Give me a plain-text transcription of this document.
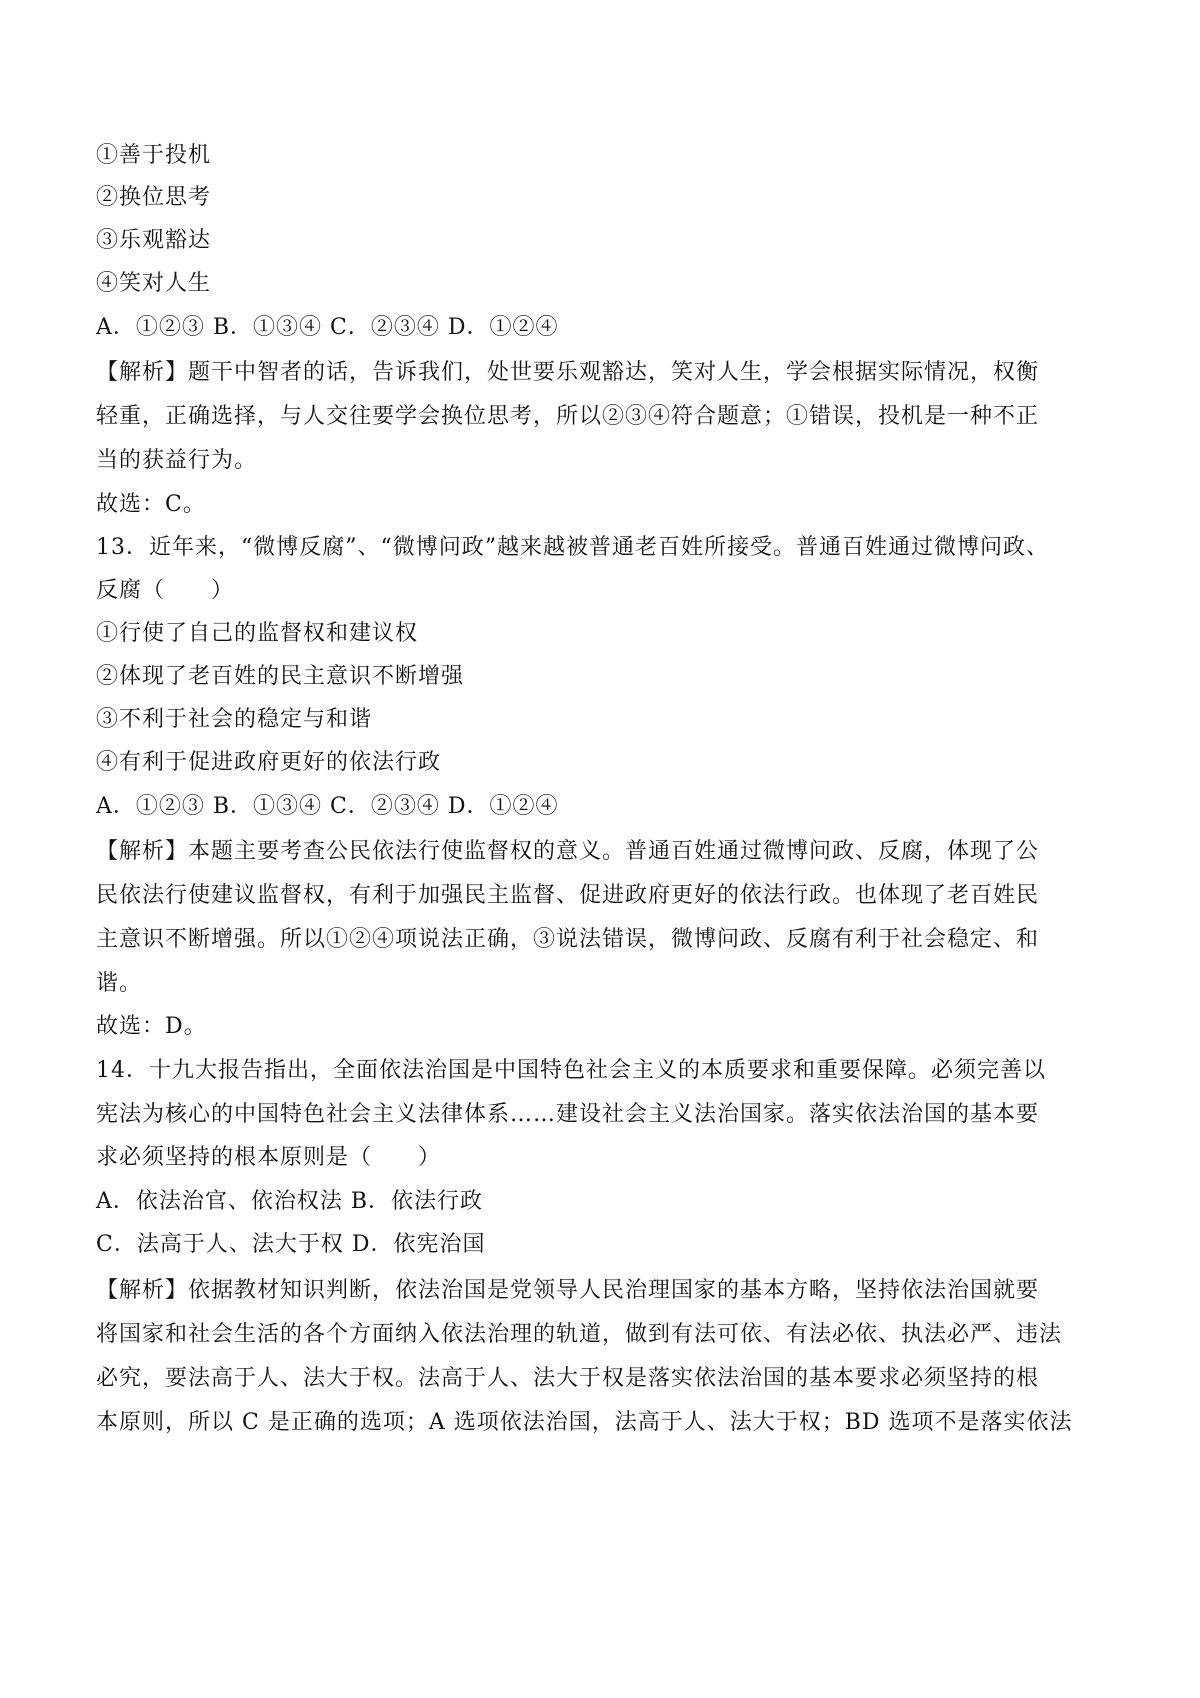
①善于投机
②换位思考
③乐观豁达
④笑对人生
A．①②③ B．①③④ C．②③④ D．①②④
【解析】题干中智者的话，告诉我们，处世要乐观豁达，笑对人生，学会根据实际情况，权衡
轻重，正确选择，与人交往要学会换位思考，所以②③④符合题意；①错误，投机是一种不正
当的获益行为。
故选：C。
13．近年来，“微博反腐”、“微博问政”越来越被普通老百姓所接受。普通百姓通过微博问政、
反腐（　　）
①行使了自己的监督权和建议权
②体现了老百姓的民主意识不断增强
③不利于社会的稳定与和谐
④有利于促进政府更好的依法行政
A．①②③ B．①③④ C．②③④ D．①②④
【解析】本题主要考查公民依法行使监督权的意义。普通百姓通过微博问政、反腐，体现了公
民依法行使建议监督权，有利于加强民主监督、促进政府更好的依法行政。也体现了老百姓民
主意识不断增强。所以①②④项说法正确，③说法错误，微博问政、反腐有利于社会稳定、和
谐。
故选：D。
14．十九大报告指出，全面依法治国是中国特色社会主义的本质要求和重要保障。必须完善以
宪法为核心的中国特色社会主义法律体系……建设社会主义法治国家。落实依法治国的基本要
求必须坚持的根本原则是（　　）
A．依法治官、依治权法 B．依法行政
C．法高于人、法大于权 D．依宪治国
【解析】依据教材知识判断，依法治国是党领导人民治理国家的基本方略，坚持依法治国就要
将国家和社会生活的各个方面纳入依法治理的轨道，做到有法可依、有法必依、执法必严、违法
必究，要法高于人、法大于权。法高于人、法大于权是落实依法治国的基本要求必须坚持的根
本原则，所以 C 是正确的选项；A 选项依法治国，法高于人、法大于权；BD 选项不是落实依法
